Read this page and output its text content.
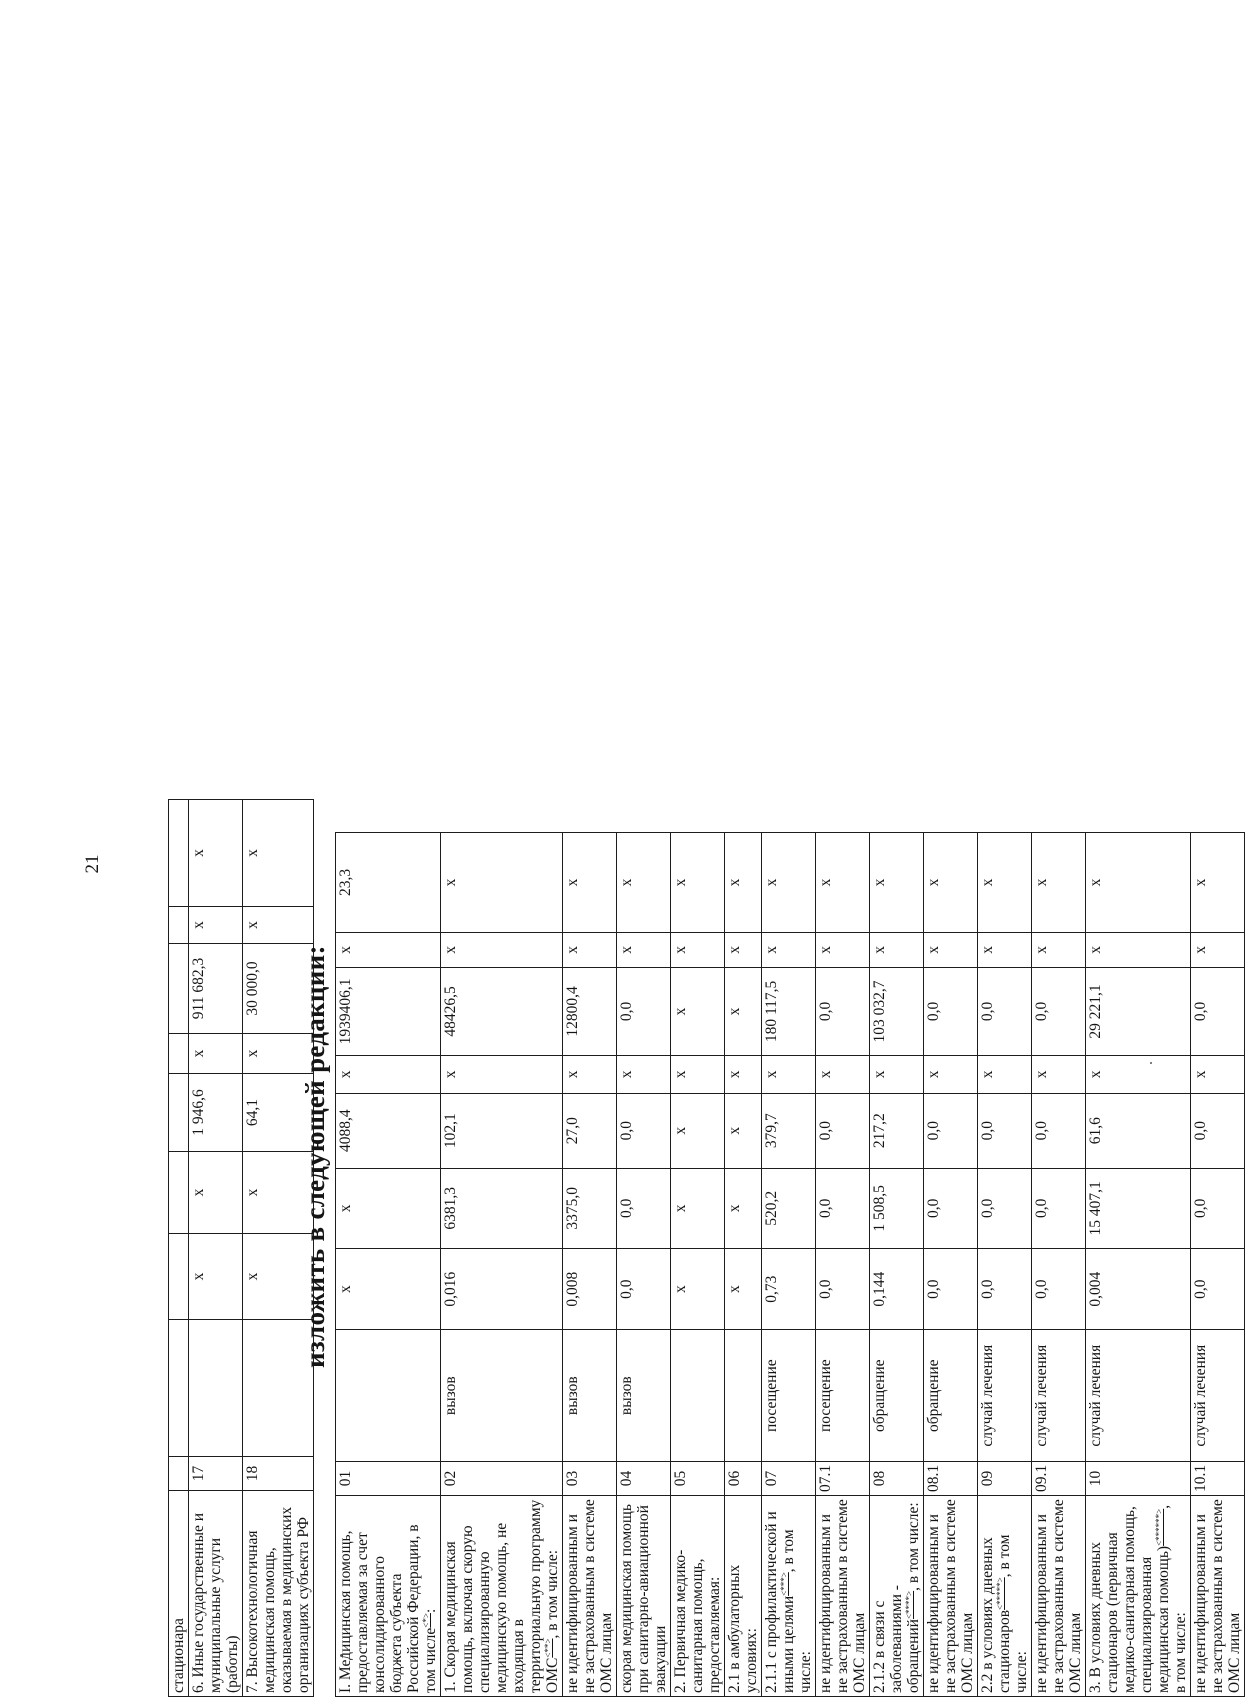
21
стационара									
6. Иные государственные и муниципальные услуги (работы)	17		х	х	1 946,6	х	911 682,3	х	х
7. Высокотехнологичная медицинская помощь, оказываемая в медицинских организациях субъекта РФ	18		х	х	64,1	х	30 000,0	х	х
изложить в следующей редакции:
I. Медицинская помощь, предоставляемая за счет консолидированного бюджета субъекта Российской Федерации, в том числе<*>:	01		х	х	4088,4	х	1939406,1	х	23,3
1. Скорая медицинская помощь, включая скорую специализированную медицинскую помощь, не входящая в территориальную программу ОМС<**>, в том числе:	02	вызов	0,016	6381,3	102,1	х	48426,5	х	х
не идентифицированным и не застрахованным в системе ОМС лицам	03	вызов	0,008	3375,0	27,0	х	12800,4	х	х
скорая медицинская помощь при санитарно-авиационной эвакуации	04	вызов	0,0	0,0	0,0	х	0,0	х	х
2. Первичная медико-санитарная помощь, предоставляемая:	05		х	х	х	х	х	х	х
2.1 в амбулаторных условиях:	06		х	х	х	х	х	х	х
2.1.1 с профилактической и иными целями<***>, в том числе:	07	посещение	0,73	520,2	379,7	х	180 117,5	х	х
не идентифицированным и не застрахованным в системе ОМС лицам	07.1	посещение	0,0	0,0	0,0	х	0,0	х	х
2.1.2 в связи с заболеваниями - обращений<****>, в том числе:	08	обращение	0,144	1 508,5	217,2	х	103 032,7	х	х
не идентифицированным и не застрахованным в системе ОМС лицам	08.1	обращение	0,0	0,0	0,0	х	0,0	х	х
2.2 в условиях дневных стационаров<*****>, в том числе:	09	случай лечения	0,0	0,0	0,0	х	0,0	х	х
не идентифицированным и не застрахованным в системе ОМС лицам	09.1	случай лечения	0,0	0,0	0,0	х	0,0	х	х
3. В условиях дневных стационаров (первичная медико-санитарная помощь, специализированная медицинская помощь)<******>, в том числе:	10	случай лечения	0,004	15 407,1	61,6	х	29 221,1	х	х
не идентифицированным и не застрахованным в системе ОМС лицам	10.1	случай лечения	0,0	0,0	0,0	х	0,0	х	х
